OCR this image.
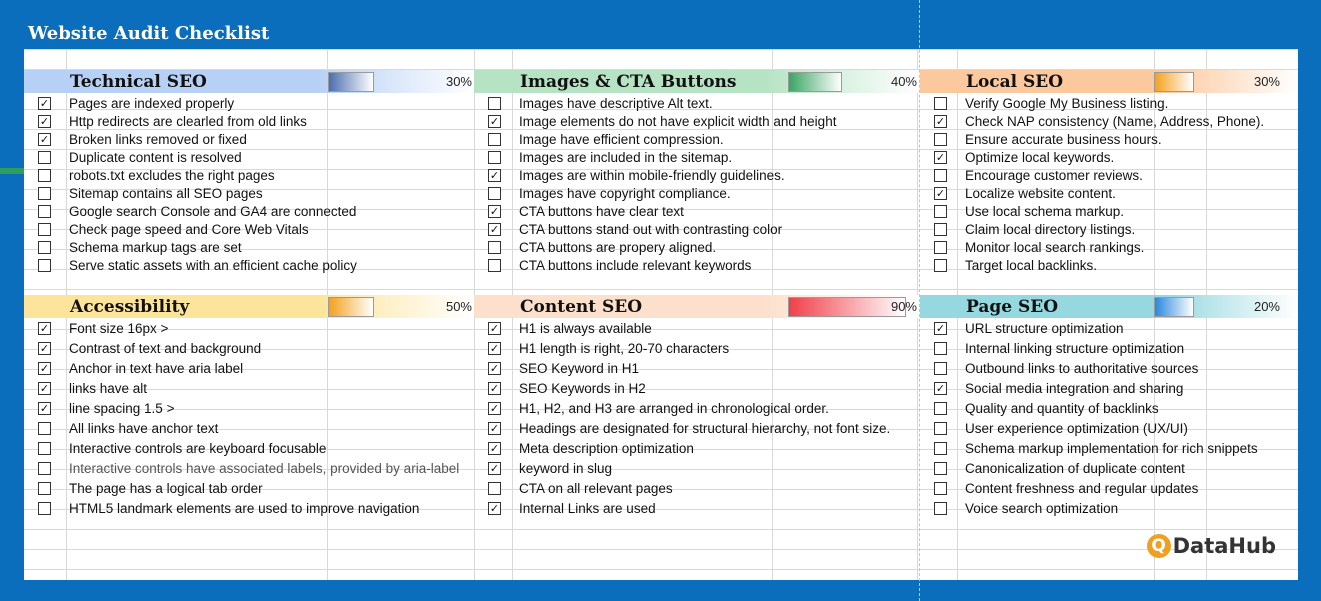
Website Audit Checklist
Q DataHub
Technical SEO	30%
✓ Pages are indexed properly
✓ Http redirects are clearled from old links
✓ Broken links removed or fixed
Duplicate content is resolved
robots.txt excludes the right pages
Sitemap contains all SEO pages
Google search Console and GA4 are connected
Check page speed and Core Web Vitals
Schema markup tags are set
Serve static assets with an efficient cache policy
Images & CTA Buttons	40%
Images have descriptive Alt text.
✓ Image elements do not have explicit width and height
Image have efficient compression.
Images are included in the sitemap.
✓ Images are within mobile-friendly guidelines.
Images have copyright compliance.
✓ CTA buttons have clear text
✓ CTA buttons stand out with contrasting color
CTA buttons are propery aligned.
CTA buttons include relevant keywords
Local SEO	30%
Verify Google My Business listing.
✓ Check NAP consistency (Name, Address, Phone).
Ensure accurate business hours.
✓ Optimize local keywords.
Encourage customer reviews.
✓ Localize website content.
Use local schema markup.
Claim local directory listings.
Monitor local search rankings.
Target local backlinks.
Accessibility	50%
✓ Font size 16px >
✓ Contrast of text and background
✓ Anchor in text have aria label
✓ links have alt
✓ line spacing 1.5 >
All links have anchor text
Interactive controls are keyboard focusable
Interactive controls have associated labels, provided by aria-label
The page has a logical tab order
HTML5 landmark elements are used to improve navigation
Content SEO	90%
✓ H1 is always available
✓ H1 length is right, 20-70 characters
✓ SEO Keyword in H1
✓ SEO Keywords in H2
✓ H1, H2, and H3 are arranged in chronological order.
✓ Headings are designated for structural hierarchy, not font size.
✓ Meta description optimization
✓ keyword in slug
CTA on all relevant pages
✓ Internal Links are used
Page SEO	20%
✓ URL structure optimization
Internal linking structure optimization
Outbound links to authoritative sources
✓ Social media integration and sharing
Quality and quantity of backlinks
User experience optimization (UX/UI)
Schema markup implementation for rich snippets
Canonicalization of duplicate content
Content freshness and regular updates
Voice search optimization
